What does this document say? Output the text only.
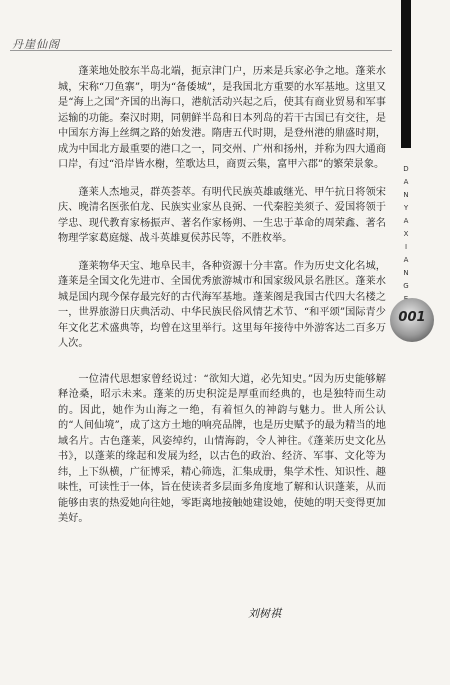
丹崖仙阁
D
A
N
Y
A
X
I
A
N
G
001

蓬莱地处胶东半岛北端，扼京津门户，历来是兵家必争之地。蓬莱水城，宋称“刀鱼寨”，明为“备倭城”，是我国北方重要的水军基地。这里又是“海上之国”齐国的出海口，港航活动兴起之后，使其有商业贸易和军事运输的功能。秦汉时期，同朝鲜半岛和日本列岛的若干古国已有交往，是中国东方海上丝绸之路的始发港。隋唐五代时期，是登州港的鼎盛时期，成为中国北方最重要的港口之一，同交州、广州和扬州，并称为四大通商口岸，有过“沿岸皆水榭，笙歌达旦，商贾云集，富甲六郡”的繁荣景象。

蓬莱人杰地灵，群英荟萃。有明代民族英雄戚继光、甲午抗日将领宋庆、晚清名医张伯龙、民族实业家丛良弼、一代秦腔美须子、爱国将领于学忠、现代教育家杨振声、著名作家杨朔、一生忠于革命的周荣鑫、著名物理学家葛庭燧、战斗英雄夏侯苏民等，不胜枚举。

蓬莱物华天宝、地阜民丰，各种资源十分丰富。作为历史文化名城，蓬莱是全国文化先进市、全国优秀旅游城市和国家级风景名胜区。蓬莱水城是国内现今保存最完好的古代海军基地。蓬莱阁是我国古代四大名楼之一，世界旅游日庆典活动、中华民族民俗风情艺术节、“和平颂”国际青少年文化艺术盛典等，均曾在这里举行。这里每年接待中外游客达二百多万人次。

一位清代思想家曾经说过：“欲知大道，必先知史。”因为历史能够解释沧桑，昭示未来。蓬莱的历史积淀是厚重而经典的，也是独特而生动的。因此，她作为山海之一绝，有着恒久的神韵与魅力。世人所公认的“人间仙境”，成了这方土地的响亮品牌，也是历史赋予的最为精当的地域名片。古色蓬莱，风姿绰约，山情海韵，令人神往。《蓬莱历史文化丛书》，以蓬莱的缘起和发展为经，以古色的政治、经济、军事、文化等为纬，上下纵横，广征博采，精心筛选，汇集成册，集学术性、知识性、趣味性，可读性于一体，旨在使读者多层面多角度地了解和认识蓬莱，从而能够由衷的热爱她向往她，零距离地接触她建设她，使她的明天变得更加美好。

刘树祺
